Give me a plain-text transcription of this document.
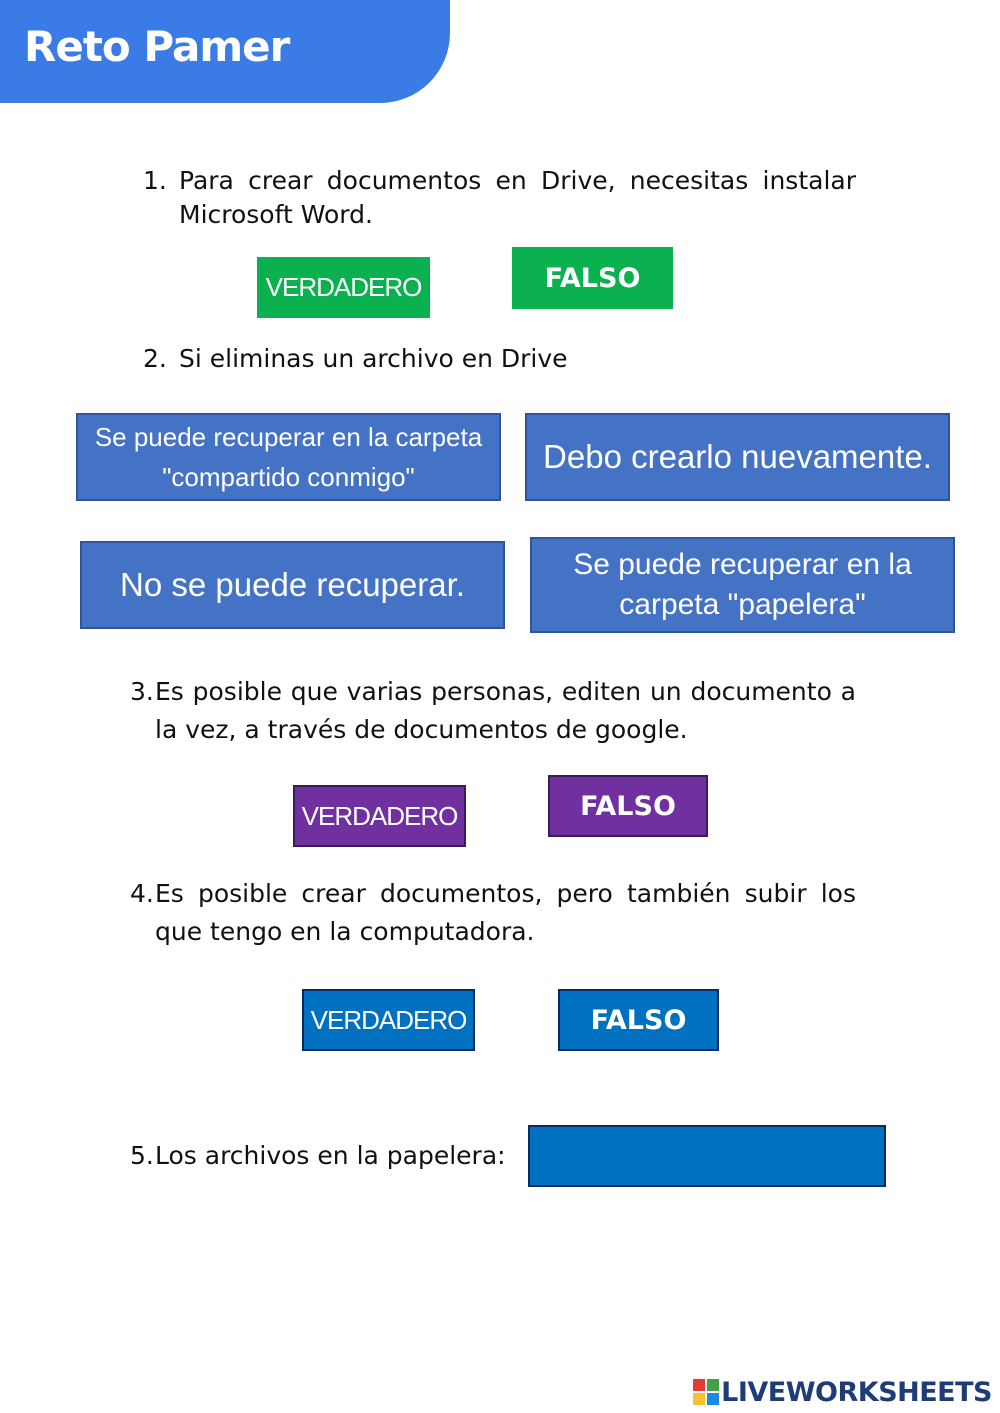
Reto Pamer
1. Para crear documentos en Drive, necesitas instalar Microsoft Word.
VERDADERO	FALSO
2. Si eliminas un archivo en Drive
Se puede recuperar en la carpeta "compartido conmigo"
Debo crearlo nuevamente.
No se puede recuperar.
Se puede recuperar en la carpeta "papelera"
3. Es posible que varias personas, editen un documento a la vez, a través de documentos de google.
VERDADERO	FALSO
4. Es posible crear documentos, pero también subir los que tengo en la computadora.
VERDADERO	FALSO
5. Los archivos en la papelera:
LIVEWORKSHEETS
